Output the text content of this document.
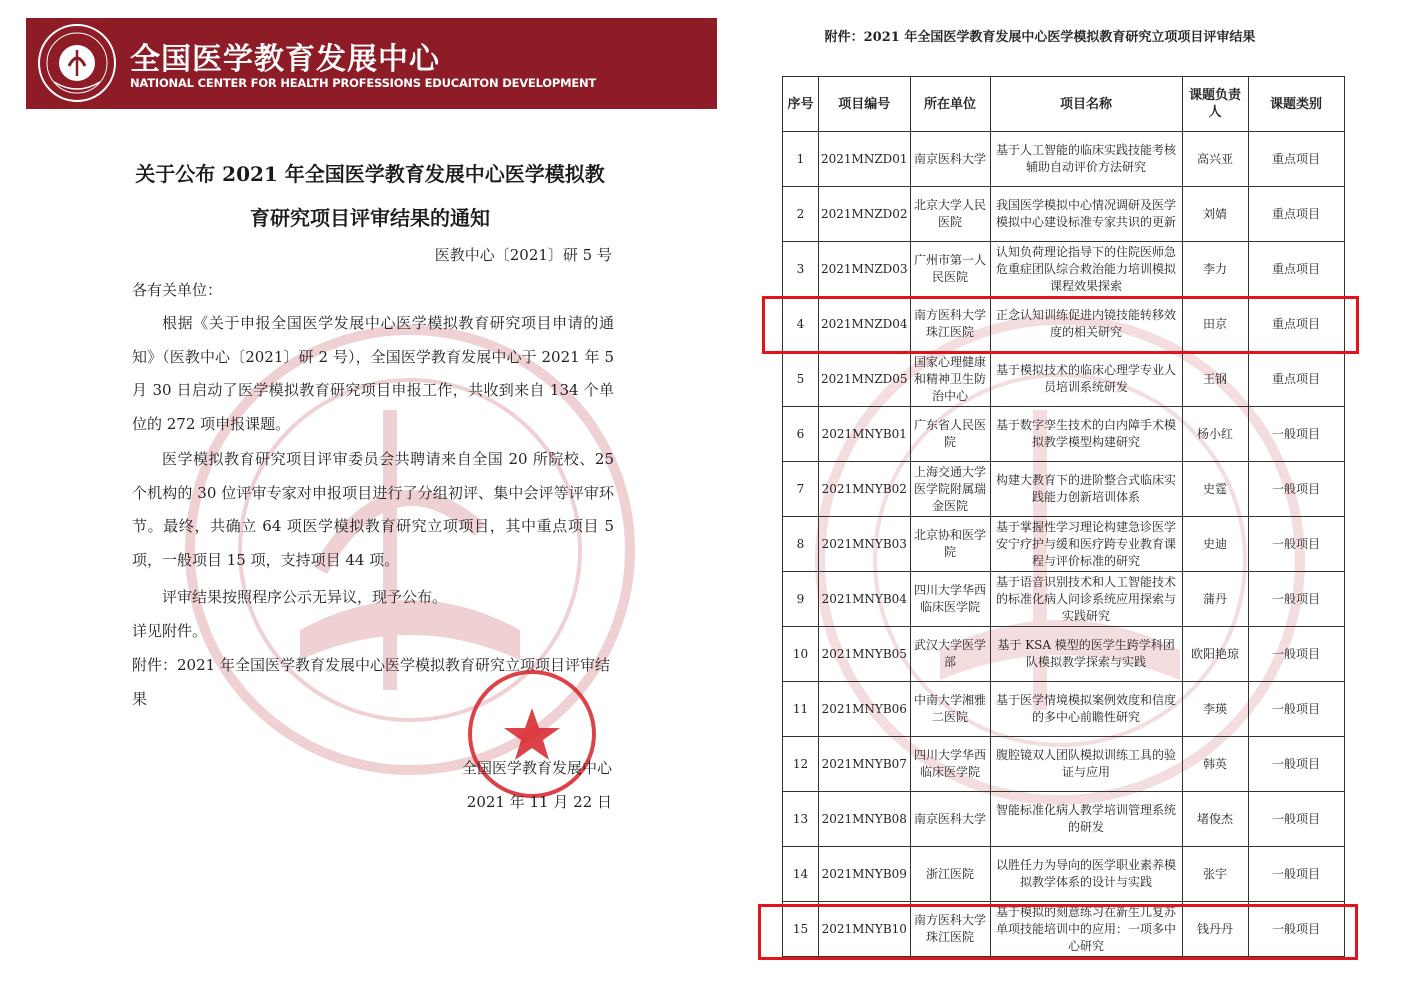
全国医学教育发展中心
NATIONAL CENTER FOR HEALTH PROFESSIONS EDUCAITON DEVELOPMENT
关于公布 2021 年全国医学教育发展中心医学模拟教
育研究项目评审结果的通知
医教中心〔2021〕研 5 号
各有关单位：
根据《关于申报全国医学发展中心医学模拟教育研究项目申请的通知》（医教中心〔2021〕研 2 号），全国医学教育发展中心于 2021 年 5 月 30 日启动了医学模拟教育研究项目申报工作，共收到来自 134 个单位的 272 项申报课题。
医学模拟教育研究项目评审委员会共聘请来自全国 20 所院校、25 个机构的 30 位评审专家对申报项目进行了分组初评、集中会评等评审环节。最终，共确立 64 项医学模拟教育研究立项项目，其中重点项目 5 项，一般项目 15 项，支持项目 44 项。
评审结果按照程序公示无异议，现予公布。
详见附件。
附件：2021 年全国医学教育发展中心医学模拟教育研究立项项目评审结果
全国医学教育发展中心
2021 年 11 月 22 日
附件：2021 年全国医学教育发展中心医学模拟教育研究立项项目评审结果
序号	项目编号	所在单位	项目名称	课题负责人	课题类别
1	2021MNZD01	南京医科大学	基于人工智能的临床实践技能考核辅助自动评价方法研究	高兴亚	重点项目
2	2021MNZD02	北京大学人民医院	我国医学模拟中心情况调研及医学模拟中心建设标准专家共识的更新	刘婧	重点项目
3	2021MNZD03	广州市第一人民医院	认知负荷理论指导下的住院医师急危重症团队综合救治能力培训模拟课程效果探索	李力	重点项目
4	2021MNZD04	南方医科大学珠江医院	正念认知训练促进内镜技能转移效度的相关研究	田京	重点项目
5	2021MNZD05	国家心理健康和精神卫生防治中心	基于模拟技术的临床心理学专业人员培训系统研发	王钢	重点项目
6	2021MNYB01	广东省人民医院	基于数字孪生技术的白内障手术模拟教学模型构建研究	杨小红	一般项目
7	2021MNYB02	上海交通大学医学院附属瑞金医院	构建大教育下的进阶整合式临床实践能力创新培训体系	史霆	一般项目
8	2021MNYB03	北京协和医学院	基于掌握性学习理论构建急诊医学安宁疗护与缓和医疗跨专业教育课程与评价标准的研究	史迪	一般项目
9	2021MNYB04	四川大学华西临床医学院	基于语音识别技术和人工智能技术的标准化病人问诊系统应用探索与实践研究	蒲丹	一般项目
10	2021MNYB05	武汉大学医学部	基于 KSA 模型的医学生跨学科团队模拟教学探索与实践	欧阳艳琼	一般项目
11	2021MNYB06	中南大学湘雅二医院	基于医学情境模拟案例效度和信度的多中心前瞻性研究	李瑛	一般项目
12	2021MNYB07	四川大学华西临床医学院	腹腔镜双人团队模拟训练工具的验证与应用	韩英	一般项目
13	2021MNYB08	南京医科大学	智能标准化病人教学培训管理系统的研发	堵俊杰	一般项目
14	2021MNYB09	浙江医院	以胜任力为导向的医学职业素养模拟教学体系的设计与实践	张宇	一般项目
15	2021MNYB10	南方医科大学珠江医院	基于模拟的刻意练习在新生儿复苏单项技能培训中的应用：一项多中心研究	钱丹丹	一般项目
